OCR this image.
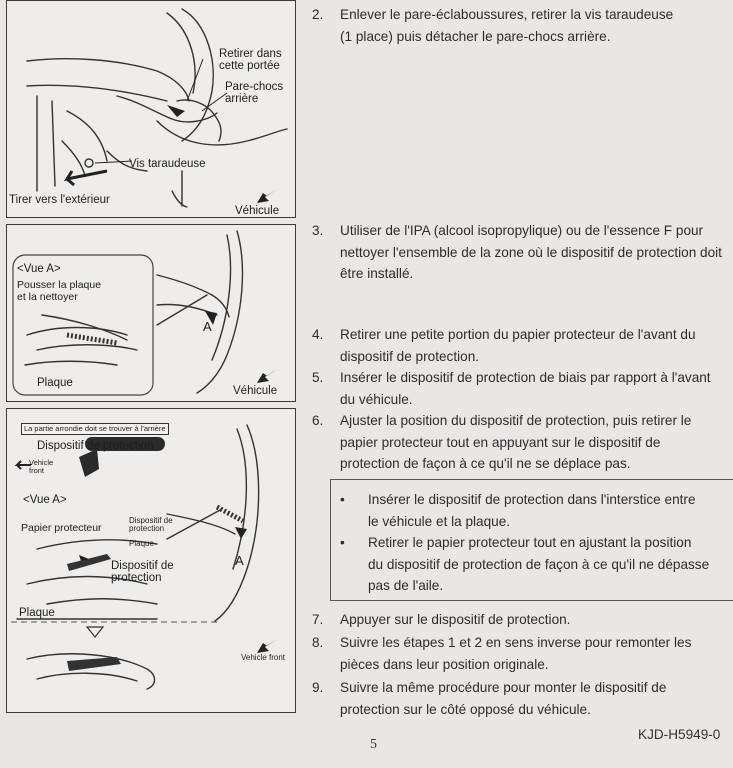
Retirer dans
cette portée
Pare-chocs
arrière
Vis taraudeuse
Tirer vers l'extérieur
Véhicule
<Vue A>
Pousser la plaque
et la nettoyer
Plaque
A
Véhicule
La partie arrondie doit se trouver à l'arrière
Dispositif de protection
Vehicle
front
<Vue A>
Papier protecteur
Dispositif de
protection
Plaque
Dispositif de
protection
Plaque
A
Vehicle front
2. Enlever le pare-éclaboussures, retirer la vis taraudeuse
(1 place) puis détacher le pare-chocs arrière.
3. Utiliser de l'IPA (alcool isopropylique) ou de l'essence F pour
nettoyer l'ensemble de la zone où le dispositif de protection doit
être installé.
4. Retirer une petite portion du papier protecteur de l'avant du
dispositif de protection.
5. Insérer le dispositif de protection de biais par rapport à l'avant
du véhicule.
6. Ajuster la position du dispositif de protection, puis retirer le
papier protecteur tout en appuyant sur le dispositif de
protection de façon à ce qu'il ne se déplace pas.
• Insérer le dispositif de protection dans l'interstice entre
le véhicule et la plaque.
• Retirer le papier protecteur tout en ajustant la position
du dispositif de protection de façon à ce qu'il ne dépasse
pas de l'aile.
7. Appuyer sur le dispositif de protection.
8. Suivre les étapes 1 et 2 en sens inverse pour remonter les
pièces dans leur position originale.
9. Suivre la même procédure pour monter le dispositif de
protection sur le côté opposé du véhicule.
5
KJD-H5949-0
